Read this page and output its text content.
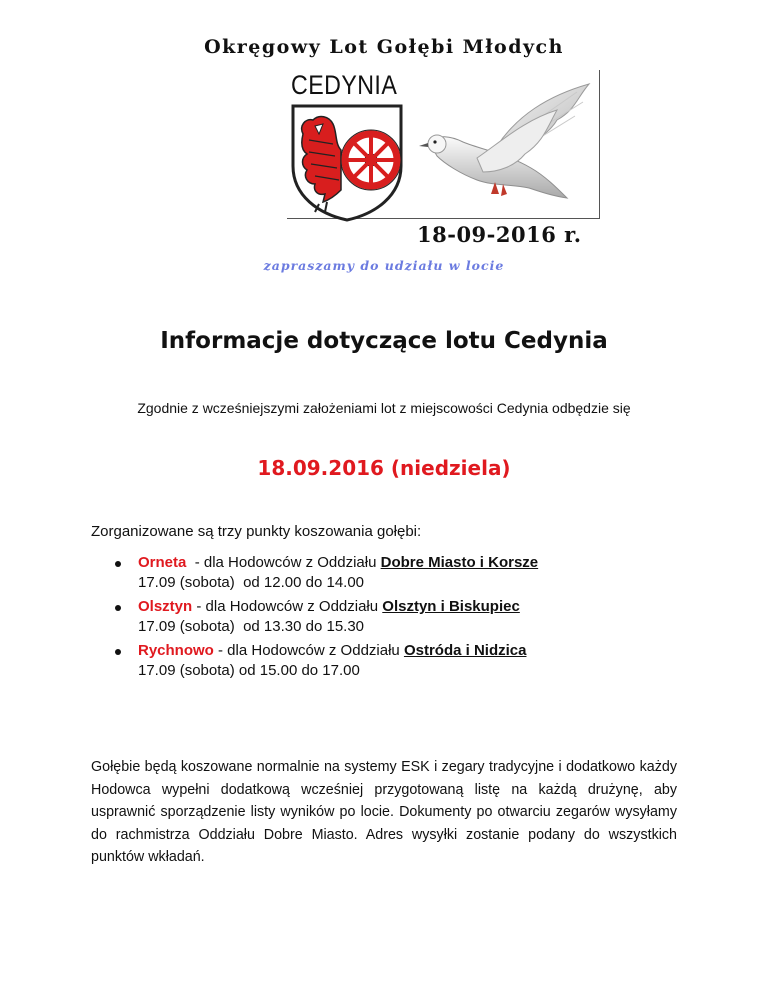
Okręgowy Lot Gołębi Młodych
CEDYNIA
18-09-2016 r.
zapraszamy do udziału w locie
Informacje dotyczące lotu Cedynia
Zgodnie z wcześniejszymi założeniami lot z miejscowości Cedynia odbędzie się
18.09.2016 (niedziela)
Zorganizowane są trzy punkty koszowania gołębi:
Orneta  - dla Hodowców z Oddziału Dobre Miasto i Korsze
17.09 (sobota)  od 12.00 do 14.00
Olsztyn - dla Hodowców z Oddziału Olsztyn i Biskupiec
17.09 (sobota)  od 13.30 do 15.30
Rychnowo - dla Hodowców z Oddziału Ostróda i Nidzica
17.09 (sobota) od 15.00 do 17.00
Gołębie będą koszowane normalnie na systemy ESK i zegary tradycyjne i dodatkowo każdy Hodowca wypełni dodatkową wcześniej przygotowaną listę na każdą drużynę, aby usprawnić sporządzenie listy wyników po locie. Dokumenty po otwarciu zegarów wysyłamy do rachmistrza Oddziału Dobre Miasto. Adres wysyłki zostanie podany do wszystkich punktów wkładań.
